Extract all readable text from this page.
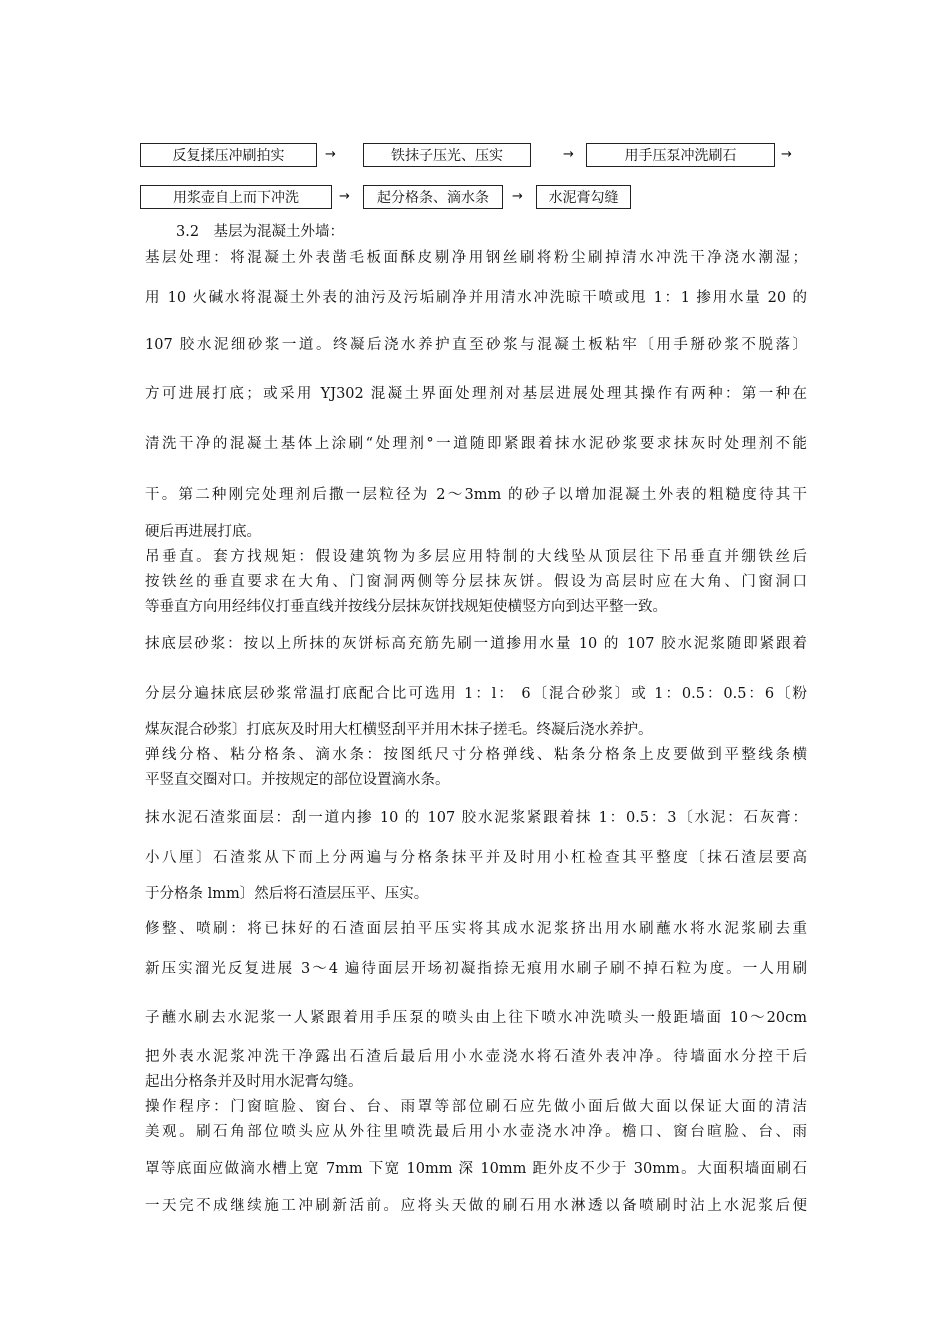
反复揉压冲刷拍实	→	铁抹子压光、压实	→	用手压泵冲洗刷石	→
用浆壶自上而下冲洗	→	起分格条、滴水条	→	水泥膏勾缝
3.2　基层为混凝土外墙：
基层处理：将混凝土外表凿毛板面酥皮剔净用钢丝刷将粉尘刷掉清水冲洗干净浇水潮湿；
用 10 火碱水将混凝土外表的油污及污垢刷净并用清水冲洗晾干喷或甩 1：1 掺用水量 20 的
107 胶水泥细砂浆一道。终凝后浇水养护直至砂浆与混凝土板粘牢〔用手掰砂浆不脱落〕
方可进展打底；或采用 YJ302 混凝土界面处理剂对基层进展处理其操作有两种：第一种在
清洗干净的混凝土基体上涂刷“处理剂°一道随即紧跟着抹水泥砂浆要求抹灰时处理剂不能
干。第二种刚完处理剂后撒一层粒径为 2～3mm 的砂子以增加混凝土外表的粗糙度待其干
硬后再进展打底。
吊垂直。套方找规矩：假设建筑物为多层应用特制的大线坠从顶层往下吊垂直并绷铁丝后
按铁丝的垂直要求在大角、门窗洞两侧等分层抹灰饼。假设为高层时应在大角、门窗洞口
等垂直方向用经纬仪打垂直线并按线分层抹灰饼找规矩使横竖方向到达平整一致。
抹底层砂浆：按以上所抹的灰饼标高充筋先刷一道掺用水量 10 的 107 胶水泥浆随即紧跟着
分层分遍抹底层砂浆常温打底配合比可选用 1：l： 6〔混合砂浆〕或 1：0.5：0.5：6〔粉
煤灰混合砂浆〕打底灰及时用大杠横竖刮平并用木抹子搓毛。终凝后浇水养护。
弹线分格、粘分格条、滴水条：按图纸尺寸分格弹线、粘条分格条上皮要做到平整线条横
平竖直交圈对口。并按规定的部位设置滴水条。
抹水泥石渣浆面层：刮一道内掺 10 的 107 胶水泥浆紧跟着抹 1：0.5：3〔水泥：石灰膏：
小八厘〕石渣浆从下而上分两遍与分格条抹平并及时用小杠检查其平整度〔抹石渣层要高
于分格条 lmm〕然后将石渣层压平、压实。
修整、喷刷：将已抹好的石渣面层拍平压实将其成水泥浆挤出用水刷蘸水将水泥浆刷去重
新压实溜光反复进展 3～4 遍待面层开场初凝指捺无痕用水刷子刷不掉石粒为度。一人用刷
子蘸水刷去水泥浆一人紧跟着用手压泵的喷头由上往下喷水冲洗喷头一般距墙面 10～20cm
把外表水泥浆冲洗干净露出石渣后最后用小水壶浇水将石渣外表冲净。待墙面水分控干后
起出分格条并及时用水泥膏勾缝。
操作程序：门窗暄脸、窗台、台、雨罩等部位刷石应先做小面后做大面以保证大面的清洁
美观。刷石角部位喷头应从外往里喷洗最后用小水壶浇水冲净。檐口、窗台暄脸、台、雨
罩等底面应做滴水槽上宽 7mm 下宽 10mm 深 10mm 距外皮不少于 30mm。大面积墙面刷石
一天完不成继续施工冲刷新活前。应将头天做的刷石用水淋透以备喷刷时沾上水泥浆后便
